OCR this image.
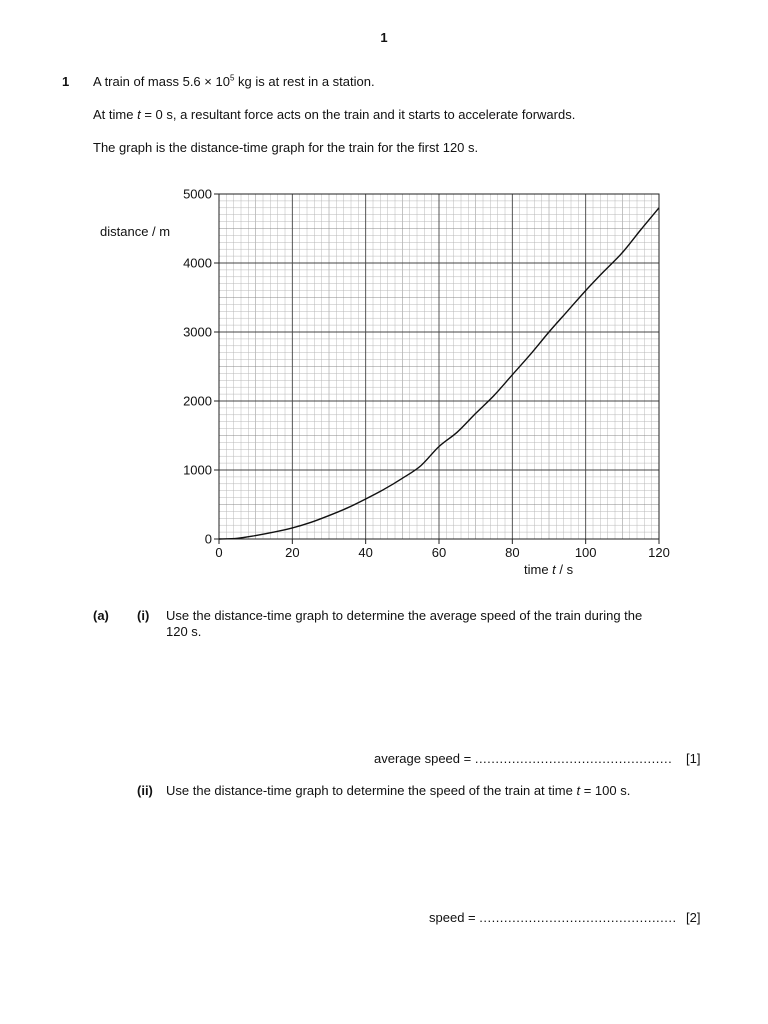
1
1 A train of mass $5.6 \times 10^5$ kg is at rest in a station.
At time t = 0 s, a resultant force acts on the train and it starts to accelerate forwards.
The graph is the distance-time graph for the train for the first 120 s.
0
1000
2000
3000
4000
5000
0	20	40	60	80	100	120
distance / m
time t / s
(a) (i) Use the distance-time graph to determine the average speed of the train during the
120 s.
average speed = ................................................ [1]
(ii) Use the distance-time graph to determine the speed of the train at time t = 100 s.
speed = ................................................ [2]
